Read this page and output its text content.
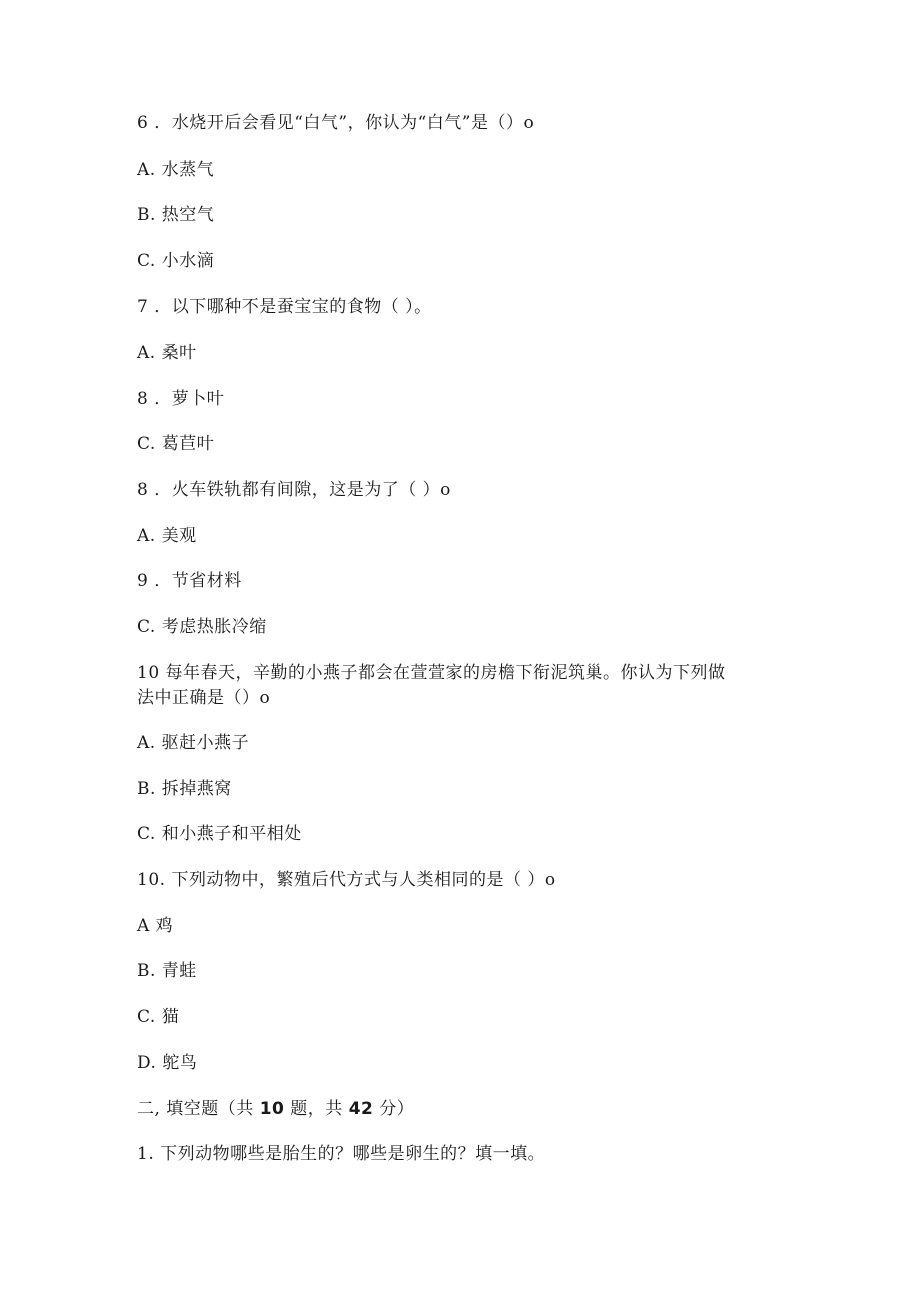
6 ．水烧开后会看见“白气”，你认为“白气”是（）o
A. 水蒸气
B. 热空气
C. 小水滴
7 ．以下哪种不是蚕宝宝的食物（ ）。
A. 桑叶
8 ．萝卜叶
C. 葛苣叶
8 ．火车铁轨都有间隙，这是为了（ ）o
A. 美观
9 ．节省材料
C. 考虑热胀冷缩
10 每年春天，辛勤的小燕子都会在萱萱家的房檐下衔泥筑巢。你认为下列做
法中正确是（）o
A. 驱赶小燕子
B. 拆掉燕窝
C. 和小燕子和平相处
10. 下列动物中，繁殖后代方式与人类相同的是（ ）o
A 鸡
B. 青蛙
C. 猫
D. 鸵鸟
二, 填空题（共 10 题，共 42 分）
1. 下列动物哪些是胎生的？哪些是卵生的？填一填。
